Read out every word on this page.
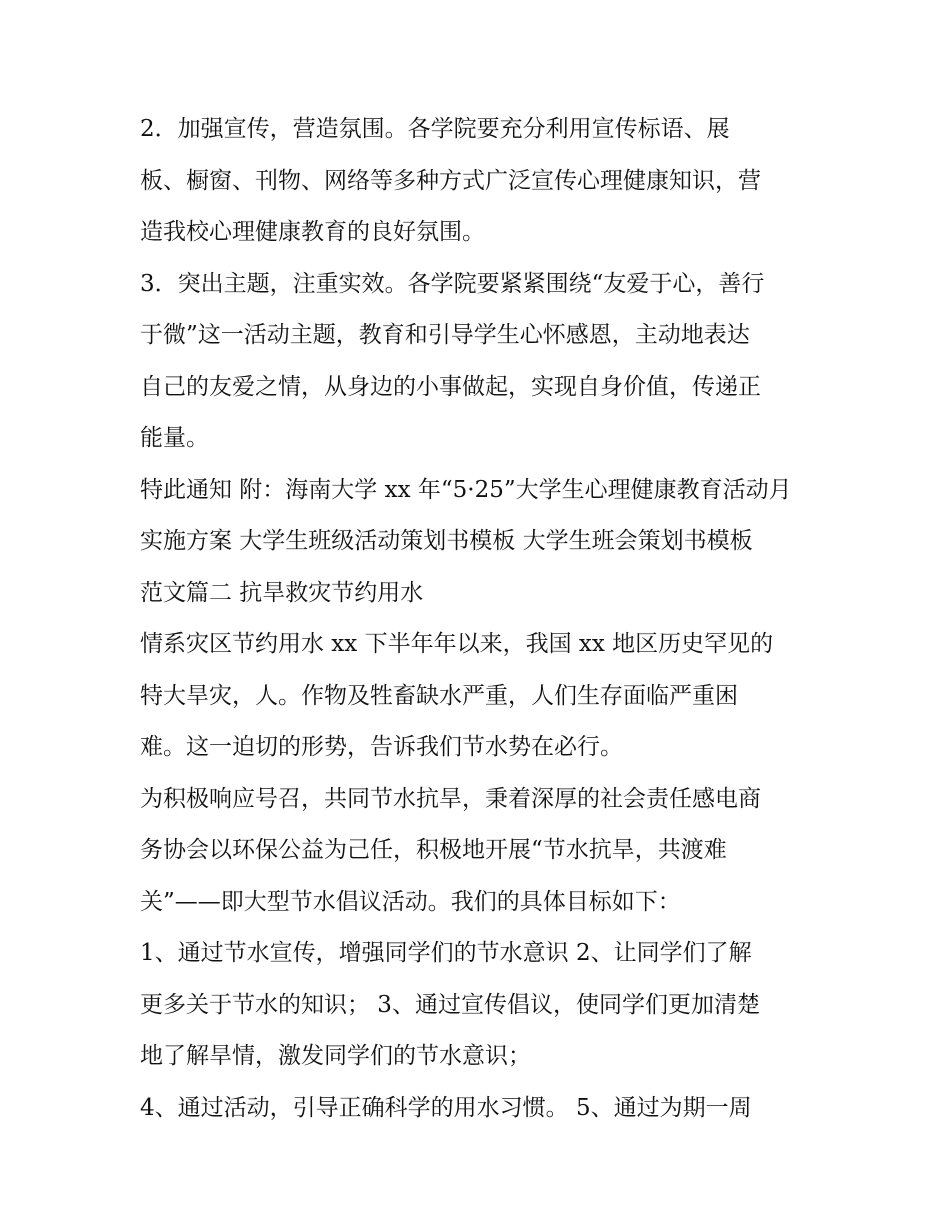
2．加强宣传，营造氛围。各学院要充分利用宣传标语、展
板、橱窗、刊物、网络等多种方式广泛宣传心理健康知识，营
造我校心理健康教育的良好氛围。

3．突出主题，注重实效。各学院要紧紧围绕“友爱于心，善行
于微”这一活动主题，教育和引导学生心怀感恩，主动地表达
自己的友爱之情，从身边的小事做起，实现自身价值，传递正
能量。

特此通知 附：海南大学 xx 年“5·25”大学生心理健康教育活动月
实施方案 大学生班级活动策划书模板 大学生班会策划书模板
范文篇二 抗旱救灾节约用水

情系灾区节约用水 xx 下半年年以来，我国 xx 地区历史罕见的
特大旱灾，人。作物及牲畜缺水严重，人们生存面临严重困
难。这一迫切的形势，告诉我们节水势在必行。

为积极响应号召，共同节水抗旱，秉着深厚的社会责任感电商
务协会以环保公益为己任，积极地开展“节水抗旱，共渡难
关”——即大型节水倡议活动。我们的具体目标如下：

1、通过节水宣传，增强同学们的节水意识 2、让同学们了解
更多关于节水的知识； 3、通过宣传倡议，使同学们更加清楚
地了解旱情，激发同学们的节水意识；

4、通过活动，引导正确科学的用水习惯。 5、通过为期一周
